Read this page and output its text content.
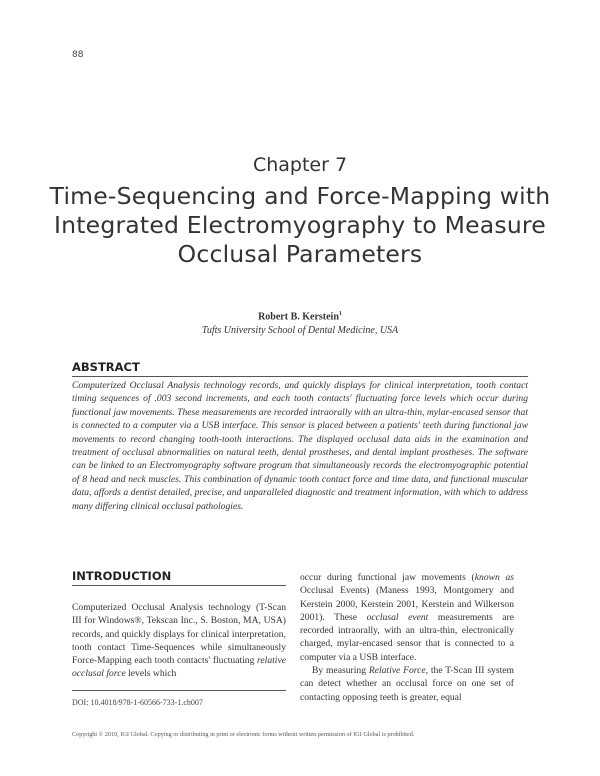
88
Chapter 7
Time-Sequencing and Force-Mapping with Integrated Electromyography to Measure Occlusal Parameters
Robert B. Kerstein$^1$
Tufts University School of Dental Medicine, USA
ABSTRACT

Computerized Occlusal Analysis technology records, and quickly displays for clinical interpretation, tooth contact timing sequences of .003 second increments, and each tooth contacts' fluctuating force levels which occur during functional jaw movements. These measurements are recorded intraorally with an ultra-thin, mylar-encased sensor that is connected to a computer via a USB interface. This sensor is placed between a patients' teeth during functional jaw movements to record changing tooth-tooth interactions. The displayed occlusal data aids in the examination and treatment of occlusal abnormalities on natural teeth, dental prostheses, and dental implant prostheses. The software can be linked to an Electromyography software program that simultaneously records the electromyographic potential of 8 head and neck muscles. This combination of dynamic tooth contact force and time data, and functional muscular data, affords a dentist detailed, precise, and unparalleled diagnostic and treatment information, with which to address many differing clinical occlusal pathologies.

INTRODUCTION

Computerized Occlusal Analysis technology (T-Scan III for Windows®, Tekscan Inc., S. Boston, MA, USA) records, and quickly displays for clinical interpretation, tooth contact Time-Sequences while simultaneously Force-Mapping each tooth contacts' fluctuating relative occlusal force levels which

occur during functional jaw movements (known as Occlusal Events) (Maness 1993, Montgomery and Kerstein 2000, Kerstein 2001, Kerstein and Wilkerson 2001). These occlusal event measurements are recorded intraorally, with an ultra-thin, electronically charged, mylar-encased sensor that is connected to a computer via a USB interface.

By measuring Relative Force, the T-Scan III system can detect whether an occlusal force on one set of contacting opposing teeth is greater, equal

DOI: 10.4018/978-1-60566-733-1.ch007
Copyright © 2010, IGI Global. Copying or distributing in print or electronic forms without written permission of IGI Global is prohibited.
